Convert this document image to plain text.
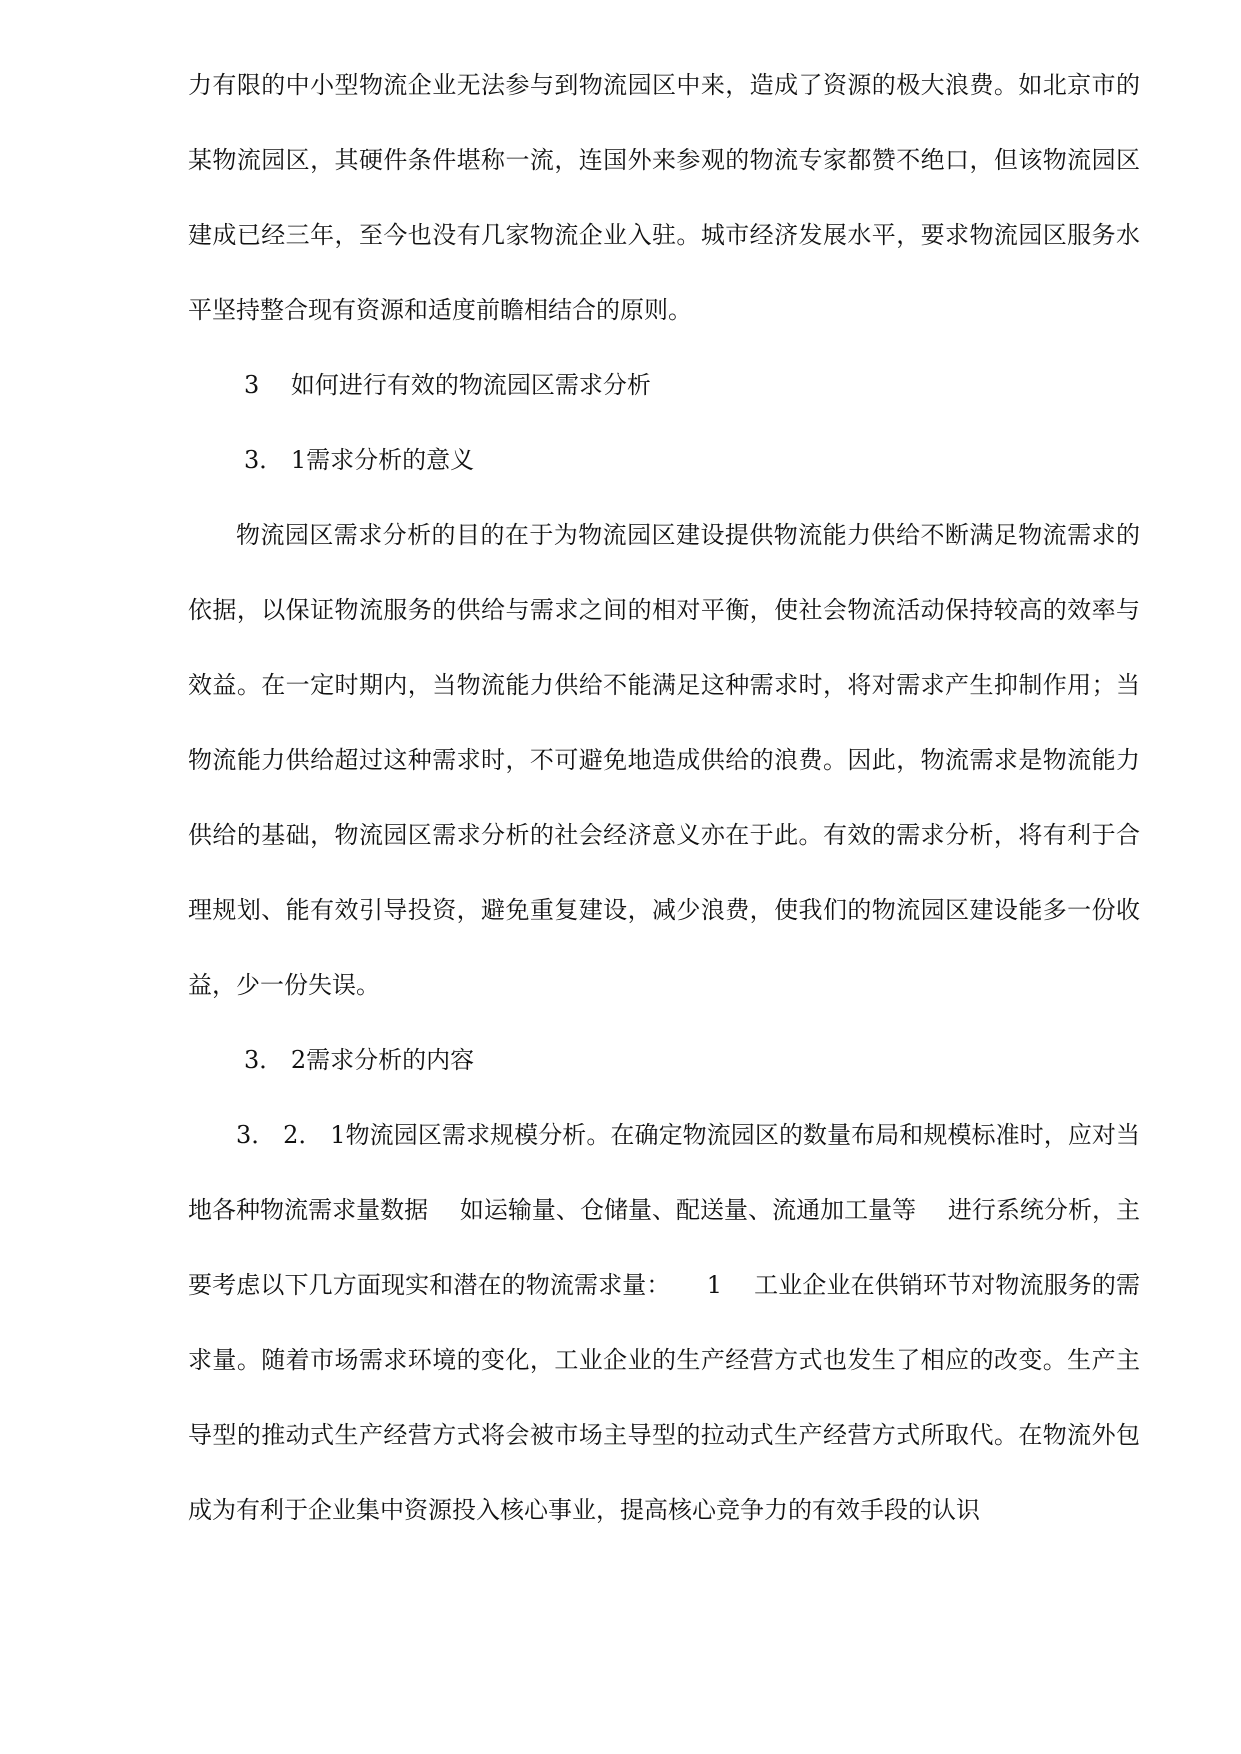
力有限的中小型物流企业无法参与到物流园区中来，造成了资源的极大浪费。如北京市的某物流园区，其硬件条件堪称一流，连国外来参观的物流专家都赞不绝口，但该物流园区建成已经三年，至今也没有几家物流企业入驻。城市经济发展水平，要求物流园区服务水平坚持整合现有资源和适度前瞻相结合的原则。

3　 如何进行有效的物流园区需求分析

3． 1需求分析的意义

物流园区需求分析的目的在于为物流园区建设提供物流能力供给不断满足物流需求的依据，以保证物流服务的供给与需求之间的相对平衡，使社会物流活动保持较高的效率与效益。在一定时期内，当物流能力供给不能满足这种需求时，将对需求产生抑制作用；当物流能力供给超过这种需求时，不可避免地造成供给的浪费。因此，物流需求是物流能力供给的基础，物流园区需求分析的社会经济意义亦在于此。有效的需求分析，将有利于合理规划、能有效引导投资，避免重复建设，减少浪费，使我们的物流园区建设能多一份收益，少一份失误。

3． 2需求分析的内容

3． 2． 1物流园区需求规模分析。在确定物流园区的数量布局和规模标准时，应对当地各种物流需求量数据　 如运输量、仓储量、配送量、流通加工量等　 进行系统分析，主要考虑以下几方面现实和潜在的物流需求量：　　1　 工业企业在供销环节对物流服务的需求量。随着市场需求环境的变化，工业企业的生产经营方式也发生了相应的改变。生产主导型的推动式生产经营方式将会被市场主导型的拉动式生产经营方式所取代。在物流外包成为有利于企业集中资源投入核心事业，提高核心竞争力的有效手段的认识
